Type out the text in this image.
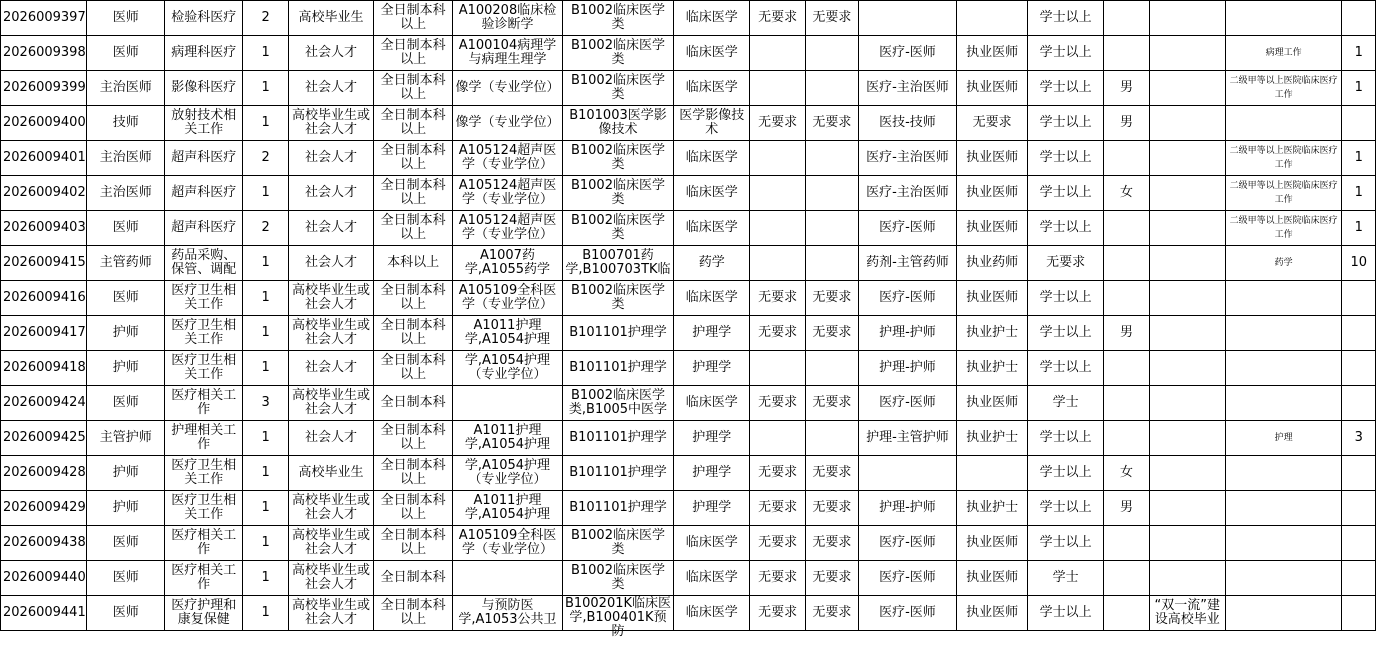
2026009397	医师	检验科医疗	2	高校毕业生	全日制本科以上	A100208临床检验诊断学	B1002临床医学类	临床医学	无要求	无要求			学士以上				

2026009398	医师	病理科医疗	1	社会人才	全日制本科以上	A100104病理学与病理生理学	B1002临床医学类	临床医学			医疗-医师	执业医师	学士以上			病理工作	1

2026009399	主治医师	影像科医疗	1	社会人才	全日制本科以上	像学（专业学位）	B1002临床医学类	临床医学			医疗-主治医师	执业医师	学士以上	男		二级甲等以上医院临床医疗工作	1

2026009400	技师	放射技术相关工作	1	高校毕业生或社会人才	全日制本科以上	像学（专业学位）	B101003医学影像技术	医学影像技术	无要求	无要求	医技-技师	无要求	学士以上	男			

2026009401	主治医师	超声科医疗	2	社会人才	全日制本科以上	A105124超声医学（专业学位）	B1002临床医学类	临床医学			医疗-主治医师	执业医师	学士以上			二级甲等以上医院临床医疗工作	1

2026009402	主治医师	超声科医疗	1	社会人才	全日制本科以上	A105124超声医学（专业学位）	B1002临床医学类	临床医学			医疗-主治医师	执业医师	学士以上	女		二级甲等以上医院临床医疗工作	1

2026009403	医师	超声科医疗	2	社会人才	全日制本科以上	A105124超声医学（专业学位）	B1002临床医学类	临床医学			医疗-医师	执业医师	学士以上			二级甲等以上医院临床医疗工作	1

2026009415	主管药师	药品采购、保管、调配	1	社会人才	本科以上	A1007药学,A1055药学	B100701药学,B100703TK临	药学			药剂-主管药师	执业药师	无要求			药学	10

2026009416	医师	医疗卫生相关工作	1	高校毕业生或社会人才	全日制本科以上	A105109全科医学（专业学位）	B1002临床医学类	临床医学	无要求	无要求	医疗-医师	执业医师	学士以上				

2026009417	护师	医疗卫生相关工作	1	高校毕业生或社会人才	全日制本科以上	A1011护理学,A1054护理	B101101护理学	护理学	无要求	无要求	护理-护师	执业护士	学士以上	男			

2026009418	护师	医疗卫生相关工作	1	社会人才	全日制本科以上	学,A1054护理（专业学位）	B101101护理学	护理学			护理-护师	执业护士	学士以上				

2026009424	医师	医疗相关工作	3	高校毕业生或社会人才	全日制本科		B1002临床医学类,B1005中医学	临床医学	无要求	无要求	医疗-医师	执业医师	学士				

2026009425	主管护师	护理相关工作	1	社会人才	全日制本科以上	A1011护理学,A1054护理	B101101护理学	护理学			护理-主管护师	执业护士	学士以上			护理	3

2026009428	护师	医疗卫生相关工作	1	高校毕业生	全日制本科以上	学,A1054护理（专业学位）	B101101护理学	护理学	无要求	无要求			学士以上	女			

2026009429	护师	医疗卫生相关工作	1	高校毕业生或社会人才	全日制本科以上	A1011护理学,A1054护理	B101101护理学	护理学	无要求	无要求	护理-护师	执业护士	学士以上	男			

2026009438	医师	医疗相关工作	1	高校毕业生或社会人才	全日制本科以上	A105109全科医学（专业学位）	B1002临床医学类	临床医学	无要求	无要求	医疗-医师	执业医师	学士以上				

2026009440	医师	医疗相关工作	1	高校毕业生或社会人才	全日制本科		B1002临床医学类	临床医学	无要求	无要求	医疗-医师	执业医师	学士				

2026009441	医师	医疗护理和康复保健	1	高校毕业生或社会人才	全日制本科以上	与预防医学,A1053公共卫	B100201K临床医学,B100401K预防	临床医学	无要求	无要求	医疗-医师	执业医师	学士以上		“双一流”建设高校毕业		
